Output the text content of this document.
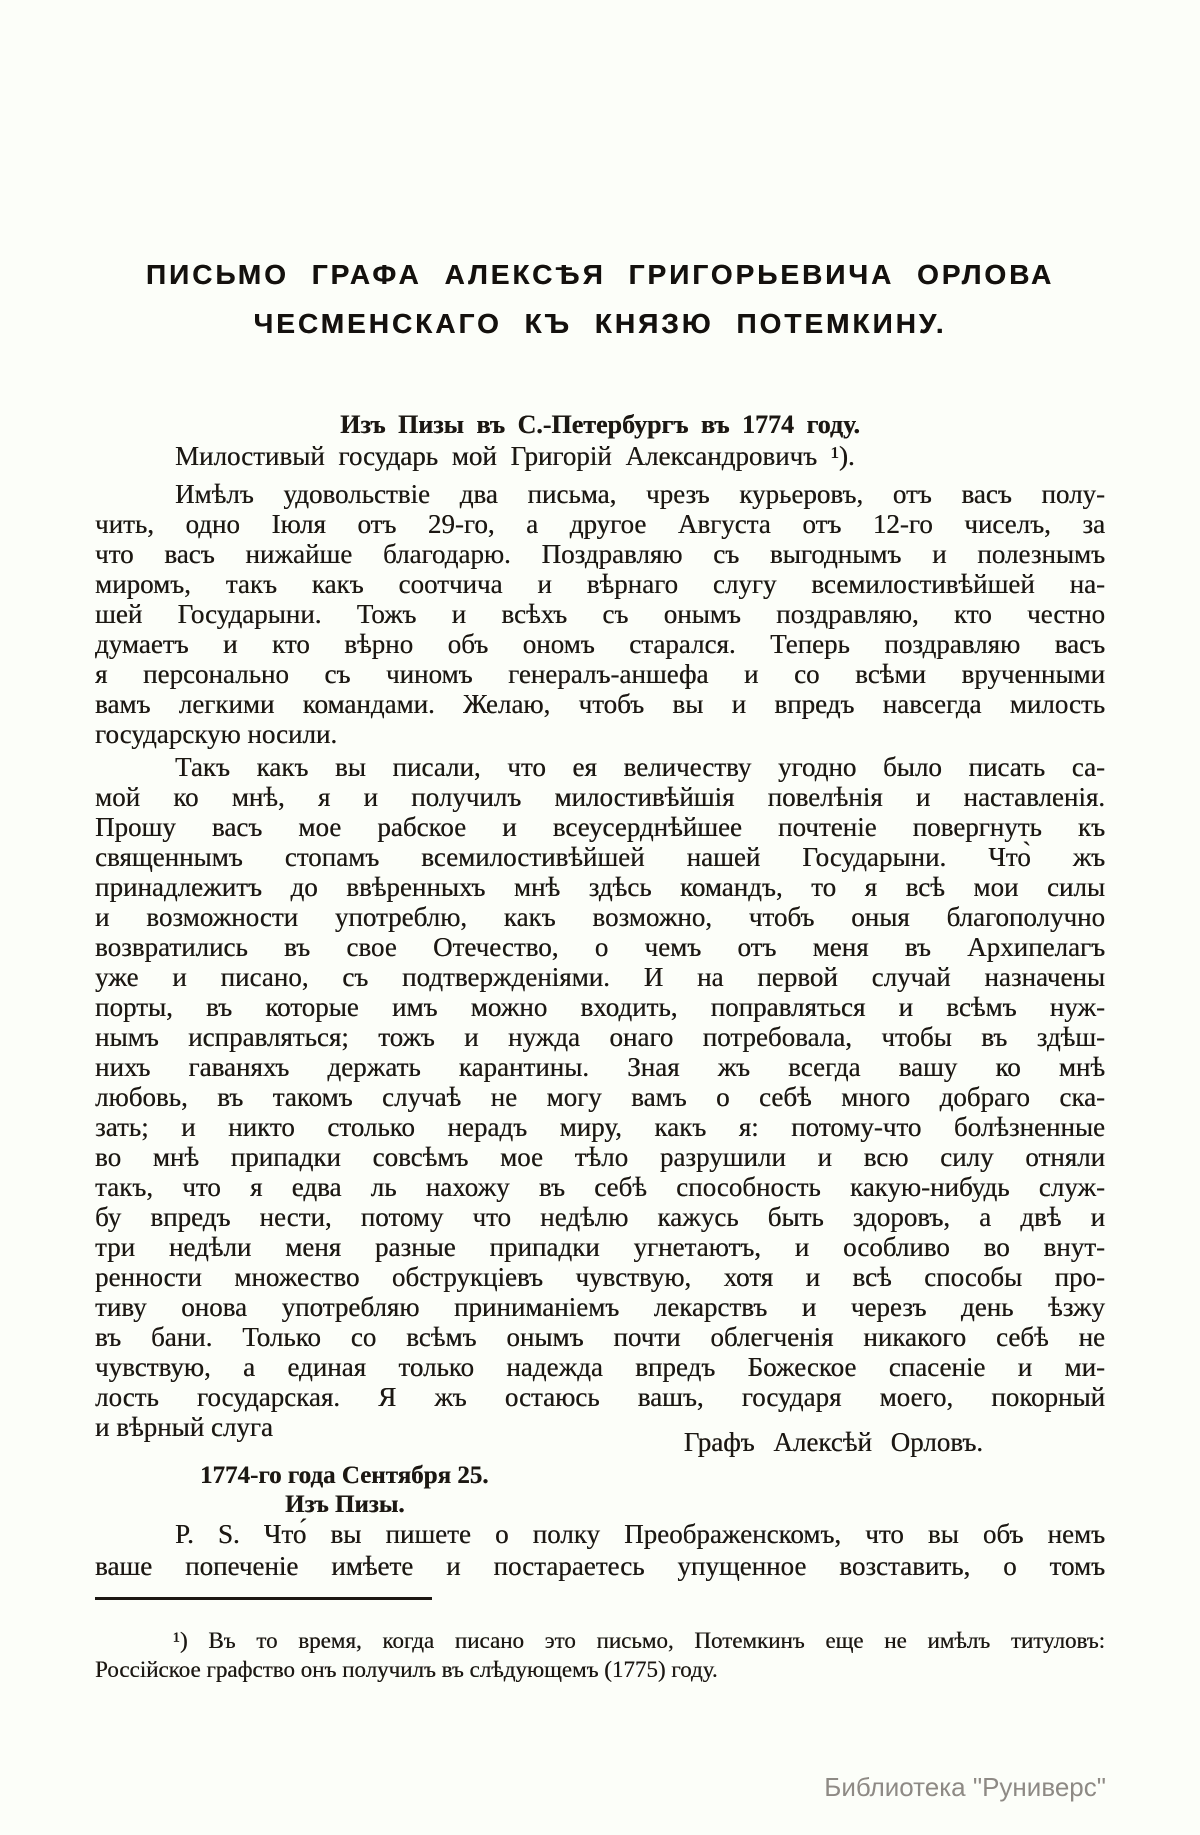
ПИСЬМО ГРАФА АЛЕКСѢЯ ГРИГОРЬЕВИЧА ОРЛОВА
ЧЕСМЕНСКАГО КЪ КНЯЗЮ ПОТЕМКИНУ.
Изъ Пизы въ С.-Петербургъ въ 1774 году.
Милостивый государь мой Григорій Александровичъ ¹).
Имѣлъ удовольствіе два письма, чрезъ курьеровъ, отъ васъ полу-
чить, одно Іюля отъ 29-го, а другое Августа отъ 12-го чиселъ, за
что васъ нижайше благодарю. Поздравляю съ выгоднымъ и полезнымъ
миромъ, такъ какъ соотчича и вѣрнаго слугу всемилостивѣйшей на-
шей Государыни. Тожъ и всѣхъ съ онымъ поздравляю, кто честно
думаетъ и кто вѣрно объ ономъ старался. Теперь поздравляю васъ
я персонально съ чиномъ генералъ-аншефа и со всѣми врученными
вамъ легкими командами. Желаю, чтобъ вы и впредъ навсегда милость
государскую носили.
Такъ какъ вы писали, что ея величеству угодно было писать са-
мой ко мнѣ, я и получилъ милостивѣйшія повелѣнія и наставленія.
Прошу васъ мое рабское и всеусерднѣйшее почтеніе повергнуть къ
священнымъ стопамъ всемилостивѣйшей нашей Государыни. Что̀ жъ
принадлежитъ до ввѣренныхъ мнѣ здѣсь командъ, то я всѣ мои силы
и возможности употреблю, какъ возможно, чтобъ оныя благополучно
возвратились въ свое Отечество, о чемъ отъ меня въ Архипелагъ
уже и писано, съ подтвержденіями. И на первой случай назначены
порты, въ которые имъ можно входить, поправляться и всѣмъ нуж-
нымъ исправляться; тожъ и нужда онаго потребовала, чтобы въ здѣш-
нихъ гаваняхъ держать карантины. Зная жъ всегда вашу ко мнѣ
любовь, въ такомъ случаѣ не могу вамъ о себѣ много добраго ска-
зать; и никто столько нерадъ миру, какъ я: потому-что болѣзненные
во мнѣ припадки совсѣмъ мое тѣло разрушили и всю силу отняли
такъ, что я едва ль нахожу въ себѣ способность какую-нибудь служ-
бу впредъ нести, потому что недѣлю кажусь быть здоровъ, а двѣ и
три недѣли меня разные припадки угнетаютъ, и особливо во внут-
ренности множество обструкціевъ чувствую, хотя и всѣ способы про-
тиву онова употребляю приниманіемъ лекарствъ и черезъ день ѣзжу
въ бани. Только со всѣмъ онымъ почти облегченія никакого себѣ не
чувствую, а единая только надежда впредъ Божеское спасеніе и ми-
лость государская. Я жъ остаюсь вашъ, государя моего, покорный
и вѣрный слуга	Графъ Алексѣй Орловъ.
1774-го года Сентября 25.
Изъ Пизы.
P. S. Что́ вы пишете о полку Преображенскомъ, что вы объ немъ
ваше попеченіе имѣете и постараетесь упущенное возставить, о томъ
¹) Въ то время, когда писано это письмо, Потемкинъ еще не имѣлъ титуловъ:
Россійское графство онъ получилъ въ слѣдующемъ (1775) году.
Библиотека "Руниверс"
